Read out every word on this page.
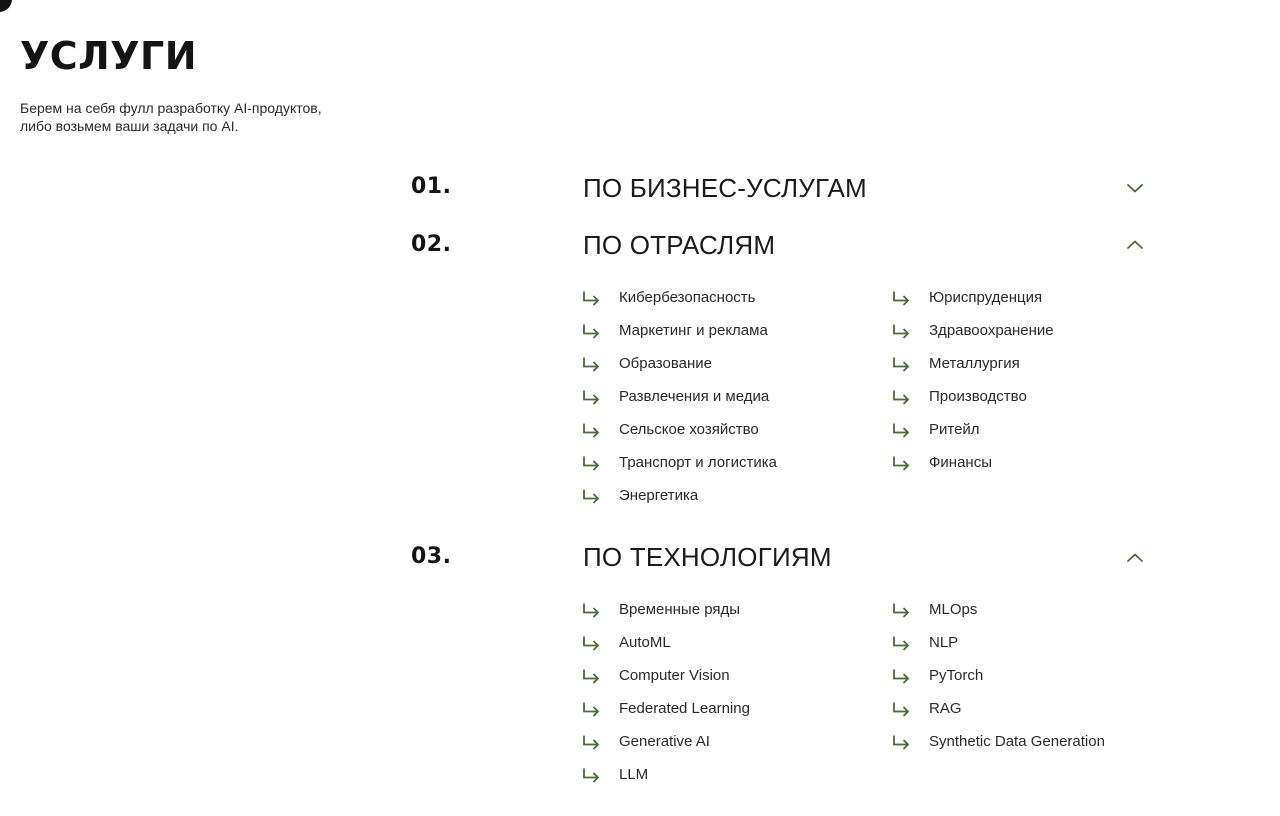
УСЛУГИ
Берем на себя фулл разработку AI-продуктов,
либо возьмем ваши задачи по AI.
01.	ПО БИЗНЕС-УСЛУГАМ
02.	ПО ОТРАСЛЯМ
Кибербезопасность
Маркетинг и реклама
Образование
Развлечения и медиа
Сельское хозяйство
Транспорт и логистика
Энергетика
Юриспруденция
Здравоохранение
Металлургия
Производство
Ритейл
Финансы
03.	ПО ТЕХНОЛОГИЯМ
Временные ряды
AutoML
Computer Vision
Federated Learning
Generative AI
LLM
MLOps
NLP
PyTorch
RAG
Synthetic Data Generation
